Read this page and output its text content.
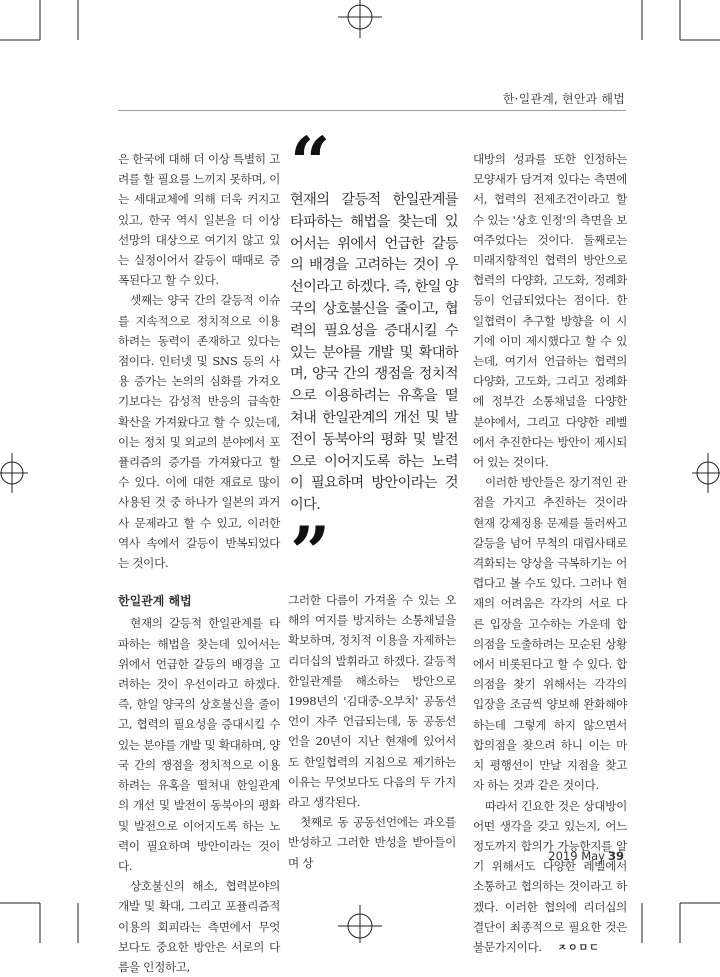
한·일관계, 현안과 해법

은 한국에 대해 더 이상 특별히 고려를 할 필요를 느끼지 못하며, 이는 세대교체에 의해 더욱 커지고 있고, 한국 역시 일본을 더 이상 선망의 대상으로 여기지 않고 있는 실정이어서 갈등이 때때로 증폭된다고 할 수 있다.

셋째는 양국 간의 갈등적 이슈를 지속적으로 정치적으로 이용하려는 동력이 존재하고 있다는 점이다. 인터넷 및 SNS 등의 사용 증가는 논의의 심화를 가져오기보다는 감성적 반응의 급속한 확산을 가져왔다고 할 수 있는데, 이는 정치 및 외교의 분야에서 포퓰리즘의 증가를 가져왔다고 할 수 있다. 이에 대한 재료로 많이 사용된 것 중 하나가 일본의 과거사 문제라고 할 수 있고, 이러한 역사 속에서 갈등이 반복되었다는 것이다.

한일관계 해법

현재의 갈등적 한일관계를 타파하는 해법을 찾는데 있어서는 위에서 언급한 갈등의 배경을 고려하는 것이 우선이라고 하겠다. 즉, 한일 양국의 상호불신을 줄이고, 협력의 필요성을 증대시킬 수 있는 분야를 개발 및 확대하며, 양국 간의 쟁점을 정치적으로 이용하려는 유혹을 떨쳐내 한일관계의 개선 및 발전이 동북아의 평화 및 발전으로 이어지도록 하는 노력이 필요하며 방안이라는 것이다.

상호불신의 해소, 협력분야의 개발 및 확대, 그리고 포퓰리즘적 이용의 회피라는 측면에서 무엇보다도 중요한 방안은 서로의 다름을 인정하고,

“

현재의 갈등적 한일관계를 타파하는 해법을 찾는데 있어서는 위에서 언급한 갈등의 배경을 고려하는 것이 우선이라고 하겠다. 즉, 한일 양국의 상호불신을 줄이고, 협력의 필요성을 증대시킬 수 있는 분야를 개발 및 확대하며, 양국 간의 쟁점을 정치적으로 이용하려는 유혹을 떨쳐내 한일관계의 개선 및 발전이 동북아의 평화 및 발전으로 이어지도록 하는 노력이 필요하며 방안이라는 것이다.

”

그러한 다름이 가져올 수 있는 오해의 여지를 방지하는 소통채널을 확보하며, 정치적 이용을 자제하는 리더십의 발휘라고 하겠다. 갈등적 한일관계를 해소하는 방안으로 1998년의 '김대중-오부치' 공동선언이 자주 언급되는데, 동 공동선언을 20년이 지난 현재에 있어서도 한일협력의 지침으로 제기하는 이유는 무엇보다도 다음의 두 가지라고 생각된다.

첫째로 동 공동선언에는 과오를 반성하고 그러한 반성을 받아들이며 상

대방의 성과를 또한 인정하는 모양새가 담겨져 있다는 측면에서, 협력의 전제조건이라고 할 수 있는 '상호 인정'의 측면을 보여주었다는 것이다. 둘째로는 미래지향적인 협력의 방안으로 협력의 다양화, 고도화, 정례화 등이 언급되었다는 점이다. 한일협력이 추구할 방향을 이 시기에 이미 제시했다고 할 수 있는데, 여기서 언급하는 협력의 다양화, 고도화, 그리고 정례화에 정부간 소통채널을 다양한 분야에서, 그리고 다양한 레벨에서 추진한다는 방안이 제시되어 있는 것이다.

이러한 방안들은 장기적인 관점을 가지고 추진하는 것이라 현재 강제징용 문제를 둘러싸고 갈등을 넘어 무척의 대립사태로 격화되는 양상을 극복하기는 어렵다고 볼 수도 있다. 그러나 현재의 어려움은 각각의 서로 다른 입장을 고수하는 가운데 합의점을 도출하려는 모순된 상황에서 비롯된다고 할 수 있다. 합의점을 찾기 위해서는 각각의 입장을 조금씩 양보해 완화해야 하는데 그렇게 하지 않으면서 합의점을 찾으려 하니 이는 마치 평행선이 만날 지점을 찾고자 하는 것과 같은 것이다.

따라서 긴요한 것은 상대방이 어떤 생각을 갖고 있는지, 어느 정도까지 합의가 가능한지를 알기 위해서도 다양한 레벨에서 소통하고 협의하는 것이라고 하겠다. 이러한 협의에 리더십의 결단이 최종적으로 필요한 것은 불문가지이다. ㅈㅇㅁㄷ

2019 May 39
